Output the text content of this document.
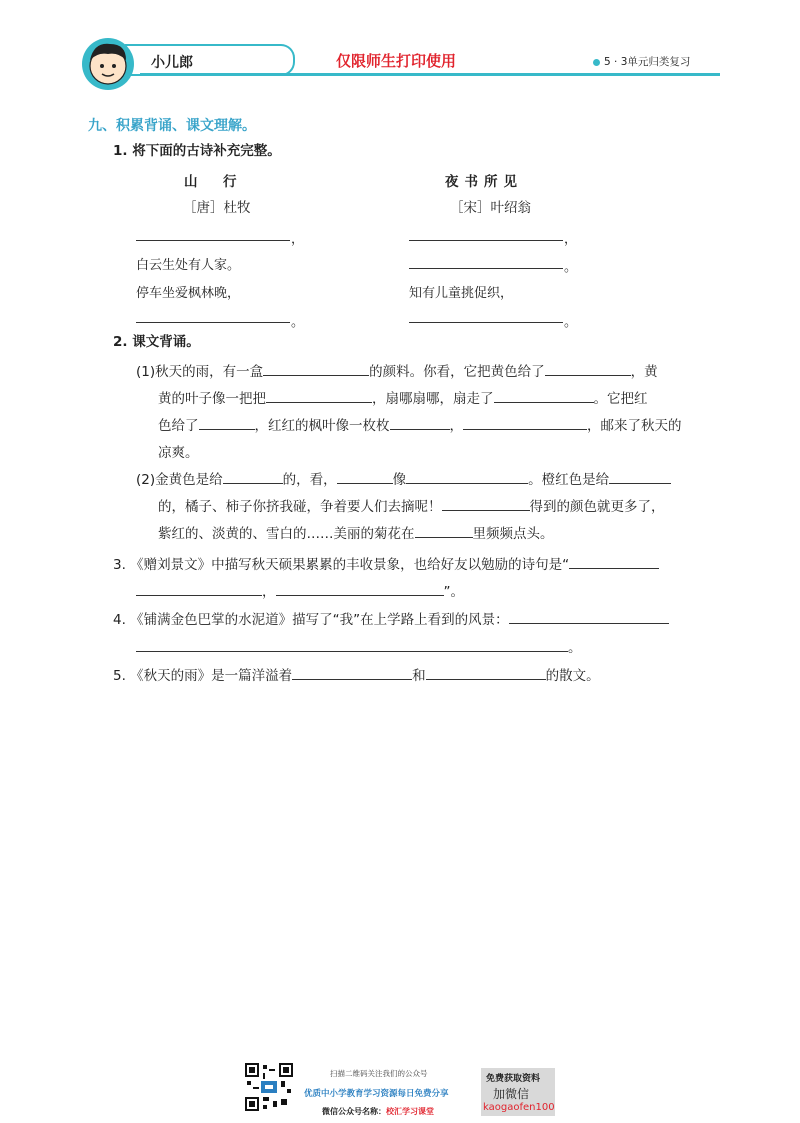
小儿郎	仅限师生打印使用	5 · 3单元归类复习
九、积累背诵、课文理解。
1. 将下面的古诗补充完整。
山　行
［唐］杜牧
，
白云生处有人家。
停车坐爱枫林晚，
。
夜书所见
［宋］叶绍翁
，
。
知有儿童挑促织，
。
2. 课文背诵。
(1)秋天的雨，有一盒	的颜料。你看，它把黄色给了	，黄
黄的叶子像一把把	，扇哪扇哪，扇走了	。它把红
色给了	，红红的枫叶像一枚枚	，	，邮来了秋天的
凉爽。
(2)金黄色是给	的，看，	像	。橙红色是给
的，橘子、柿子你挤我碰，争着要人们去摘呢！	得到的颜色就更多了，
紫红的、淡黄的、雪白的……美丽的菊花在	里频频点头。
3. 《赠刘景文》中描写秋天硕果累累的丰收景象，也给好友以勉励的诗句是“
，	”。
4. 《铺满金色巴掌的水泥道》描写了“我”在上学路上看到的风景：
。
5. 《秋天的雨》是一篇洋溢着	和	的散文。
扫描二维码关注我们的公众号
优质中小学教育学习资源每日免费分享
微信公众号名称：校汇学习课堂
免费获取资料
加微信
kaogaofen100
